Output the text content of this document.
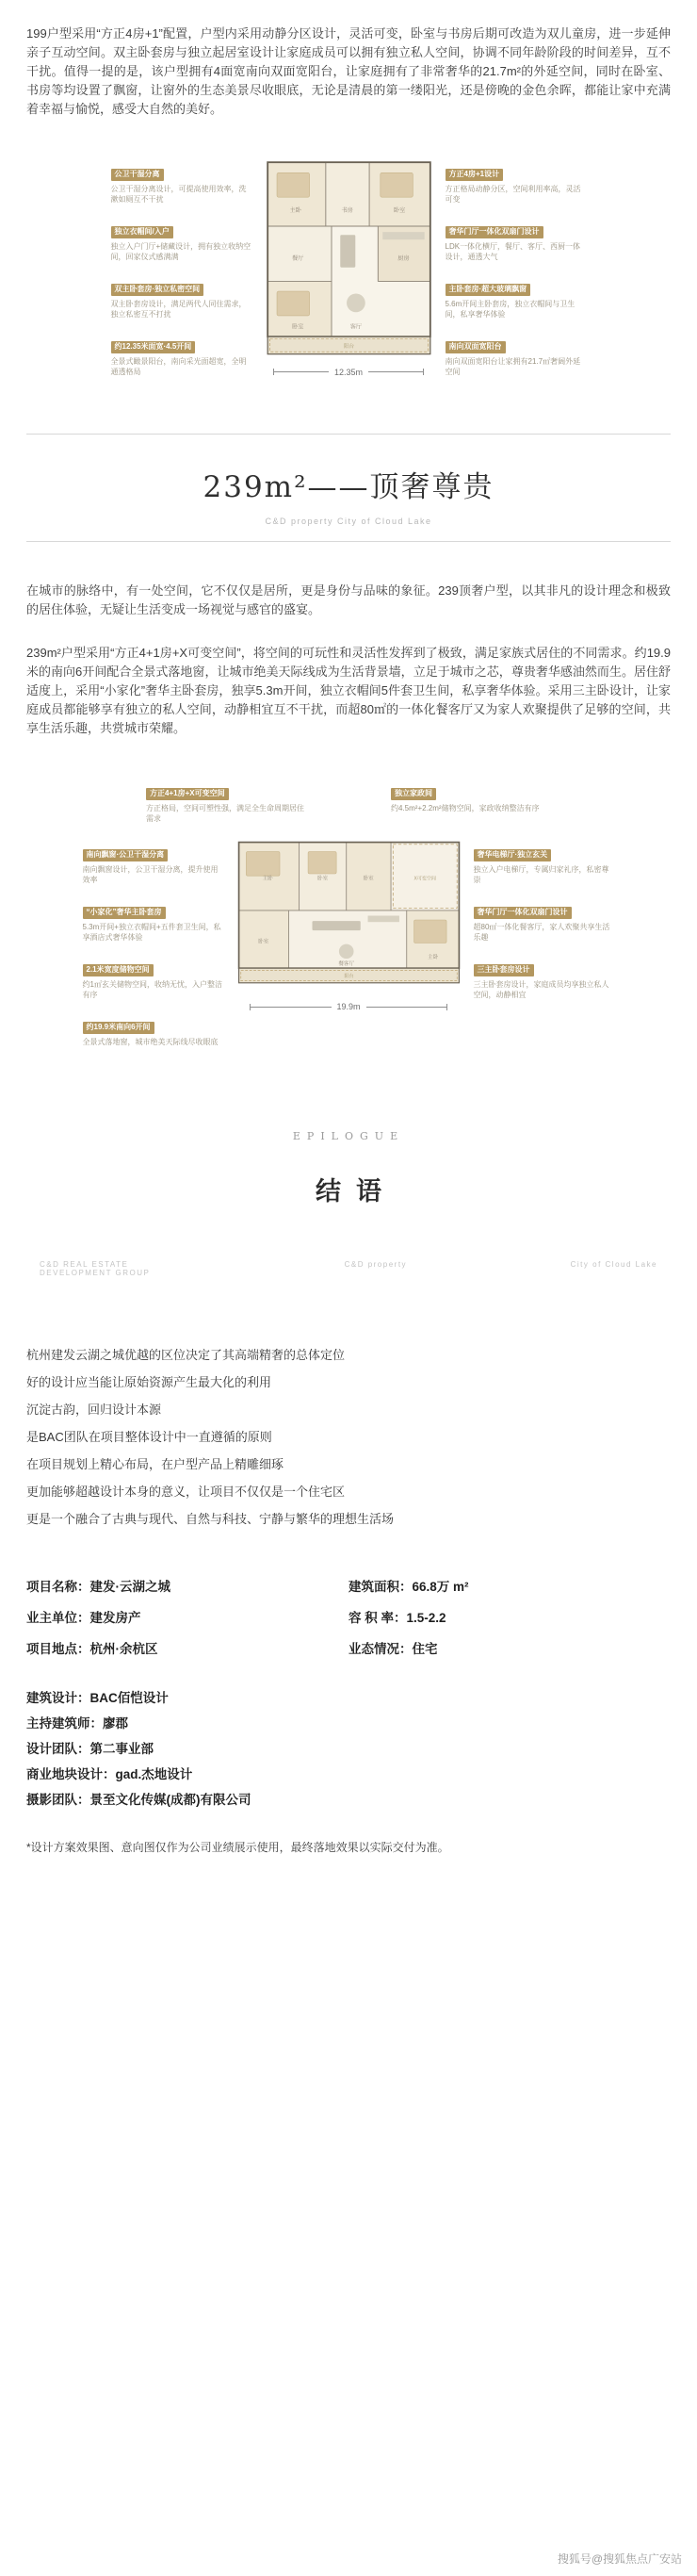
199户型采用“方正4房+1”配置，户型内采用动静分区设计，灵活可变，卧室与书房后期可改造为双儿童房，进一步延伸亲子互动空间。双主卧套房与独立起居室设计让家庭成员可以拥有独立私人空间，协调不同年龄阶段的时间差异，互不干扰。值得一提的是，该户型拥有4面宽南向双面宽阳台，让家庭拥有了非常奢华的21.7m²的外延空间，同时在卧室、书房等均设置了飘窗，让窗外的生态美景尽收眼底，无论是清晨的第一缕阳光，还是傍晚的金色余晖，都能让家中充满着幸福与愉悦，感受大自然的美好。

公卫干湿分离
公卫干湿分离设计，可提高使用效率，洗漱如厕互不干扰
独立衣帽间/入户
独立入户门厅+储藏设计，拥有独立收纳空间，回家仪式感满满
双主卧套房·独立私密空间
双主卧套房设计，满足两代人同住需求，独立私密互不打扰
约12.35米面宽·4.5开间
全景式瞰景阳台，南向采光面超宽，全明通透格局
主卧	书房	卧室
餐厅
卧室
厨房
客厅
阳台
12.35m
方正4房+1设计
方正格局动静分区，空间利用率高，灵活可变
奢华门厅一体化双扇门设计
LDK一体化横厅，餐厅、客厅、西厨一体设计，通透大气
主卧套房·超大玻璃飘窗
5.6m开间主卧套房，独立衣帽间与卫生间，私享奢华体验
南向双面宽阳台
南向双面宽阳台让家拥有21.7㎡奢阔外延空间
239m²——顶奢尊贵
C&D property City of Cloud Lake

在城市的脉络中，有一处空间，它不仅仅是居所，更是身份与品味的象征。239顶奢户型，以其非凡的设计理念和极致的居住体验，无疑让生活变成一场视觉与感官的盛宴。

239m²户型采用“方正4+1房+X可变空间”，将空间的可玩性和灵活性发挥到了极致，满足家族式居住的不同需求。约19.9米的南向6开间配合全景式落地窗，让城市绝美天际线成为生活背景墙，立足于城市之芯，尊贵奢华感油然而生。居住舒适度上，采用“小家化”奢华主卧套房，独享5.3m开间，独立衣帽间5件套卫生间，私享奢华体验。采用三主卧设计，让家庭成员都能够享有独立的私人空间，动静相宜互不干扰，而超80㎡的一体化餐客厅又为家人欢聚提供了足够的空间，共享生活乐趣，共赏城市荣耀。

方正4+1房+X可变空间
方正格局，空间可塑性强，满足全生命周期居住需求
独立家政间
约4.5m²+2.2m²储物空间，家政收纳整洁有序
南向飘窗·公卫干湿分离
南向飘窗设计，公卫干湿分离，提升使用效率
“小家化”奢华主卧套房
5.3m开间+独立衣帽间+五件套卫生间，私享酒店式奢华体验
2.1米宽度储物空间
约1㎡玄关储物空间，收纳无忧，入户整洁有序
约19.9米南向6开间
全景式落地窗，城市绝美天际线尽收眼底
主卧	卧室	卧室	X可变空间
卧室
餐客厅
主卧
阳台
19.9m
奢华电梯厅·独立玄关
独立入户电梯厅，专属归家礼序，私密尊崇
奢华门厅一体化双扇门设计
超80㎡一体化餐客厅，家人欢聚共享生活乐趣
三主卧套房设计
三主卧套房设计，家庭成员均享独立私人空间，动静相宜
EPILOGUE
结语
C&D REAL ESTATE DEVELOPMENT GROUP
C&D property	City of Cloud Lake
杭州建发云湖之城优越的区位决定了其高端精奢的总体定位
好的设计应当能让原始资源产生最大化的利用
沉淀古韵，回归设计本源
是BAC团队在项目整体设计中一直遵循的原则
在项目规划上精心布局，在户型产品上精雕细琢
更加能够超越设计本身的意义，让项目不仅仅是一个住宅区
更是一个融合了古典与现代、自然与科技、宁静与繁华的理想生活场
项目名称：建发·云湖之城	建筑面积：66.8万 m²
业主单位：建发房产	容 积 率：1.5-2.2
项目地点：杭州·余杭区	业态情况：住宅
建筑设计：BAC佰恺设计
主持建筑师：廖郡
设计团队：第二事业部
商业地块设计：gad.杰地设计
摄影团队：景至文化传媒(成都)有限公司
*设计方案效果图、意向图仅作为公司业绩展示使用，最终落地效果以实际交付为准。
搜狐号@搜狐焦点广安站
